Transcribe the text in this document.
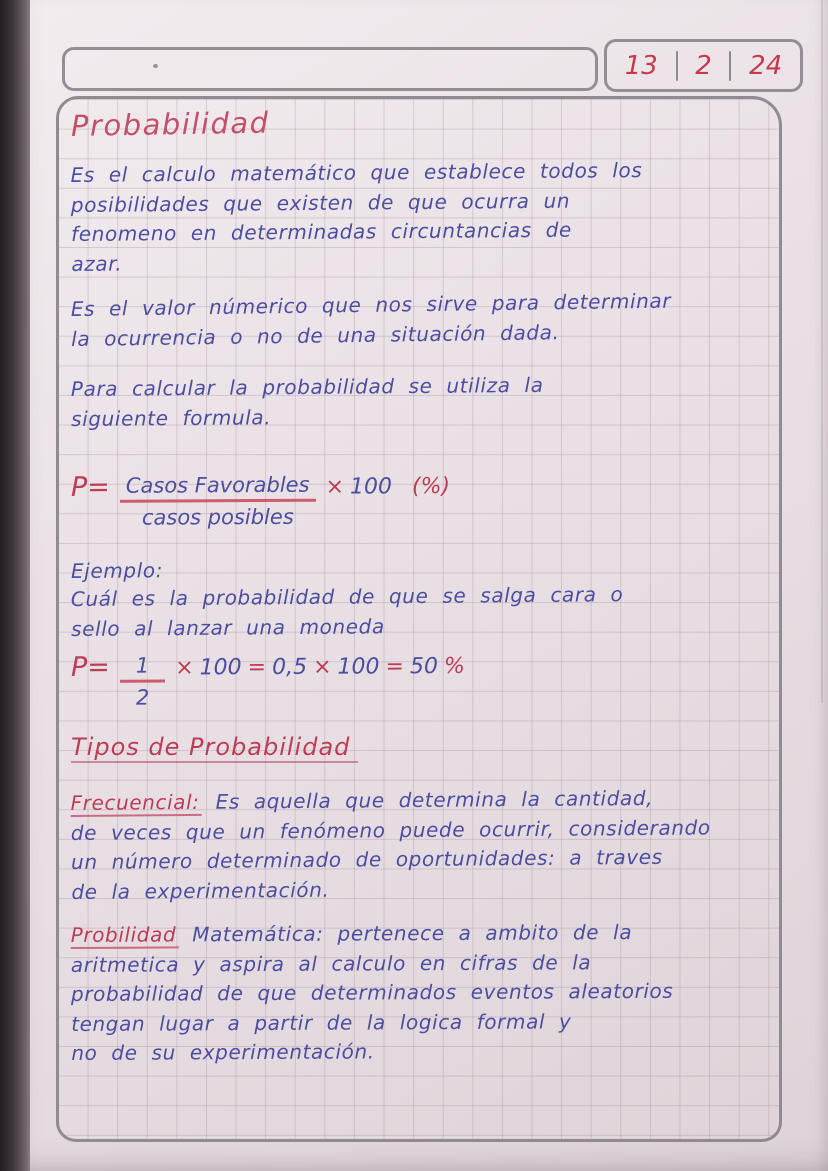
13 2 24
Probabilidad
Es el calculo matemático que establece todos los
posibilidades que existen de que ocurra un
fenomeno en determinadas circuntancias de
azar.
Es el valor númerico que nos sirve para determinar
la ocurrencia o no de una situación dada.
Para calcular la probabilidad se utiliza la
siguiente formula.
$P= \frac{\text{Casos Favorables}}{\text{casos posibles}} \times 100$ (%)
Ejemplo:
Cuál es la probabilidad de que se salga cara o
sello al lanzar una moneda
$P= \frac{1}{2} \times 100 = 0,5 \times 100 = 50$ %
Tipos de Probabilidad
Frecuencial: Es aquella que determina la cantidad,
de veces que un fenómeno puede ocurrir, considerando
un número determinado de oportunidades: a traves
de la experimentación.
Probilidad Matemática: pertenece a ambito de la
aritmetica y aspira al calculo en cifras de la
probabilidad de que determinados eventos aleatorios
tengan lugar a partir de la logica formal y
no de su experimentación.
